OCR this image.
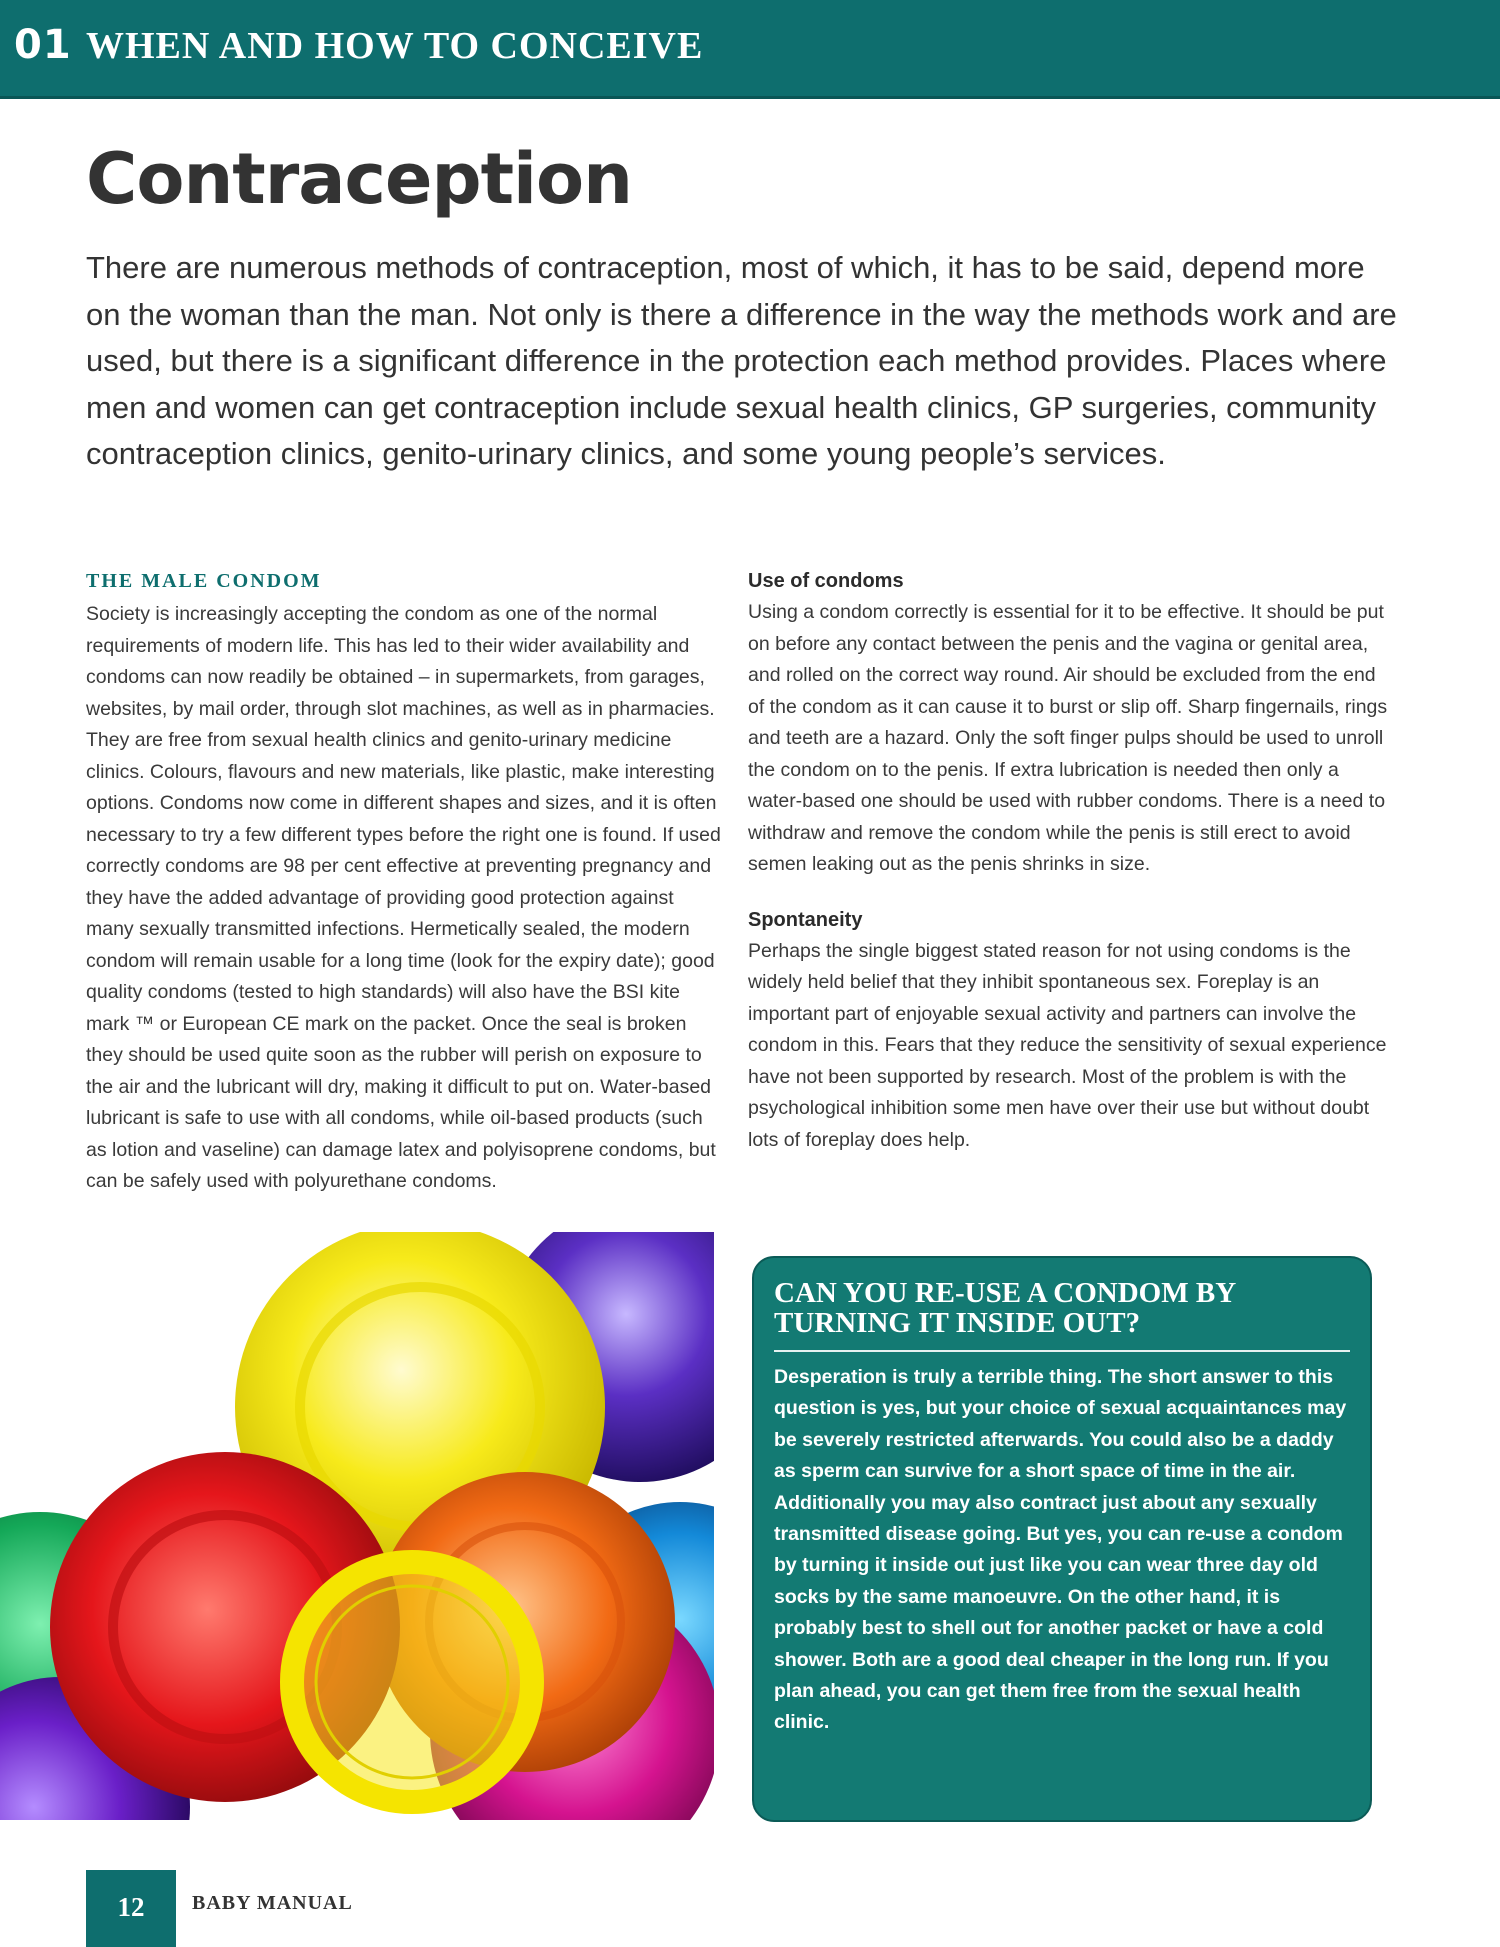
01 WHEN AND HOW TO CONCEIVE
Contraception

There are numerous methods of contraception, most of which, it has to be said, depend more on the woman than the man. Not only is there a difference in the way the methods work and are used, but there is a significant difference in the protection each method provides. Places where men and women can get contraception include sexual health clinics, GP surgeries, community contraception clinics, genito-urinary clinics, and some young people’s services.

THE MALE CONDOM

Society is increasingly accepting the condom as one of the normal requirements of modern life. This has led to their wider availability and condoms can now readily be obtained – in supermarkets, from garages, websites, by mail order, through slot machines, as well as in pharmacies. They are free from sexual health clinics and genito-urinary medicine clinics. Colours, flavours and new materials, like plastic, make interesting options. Condoms now come in different shapes and sizes, and it is often necessary to try a few different types before the right one is found. If used correctly condoms are 98 per cent effective at preventing pregnancy and they have the added advantage of providing good protection against many sexually transmitted infections. Hermetically sealed, the modern condom will remain usable for a long time (look for the expiry date); good quality condoms (tested to high standards) will also have the BSI kite mark ™ or European CE mark on the packet. Once the seal is broken they should be used quite soon as the rubber will perish on exposure to the air and the lubricant will dry, making it difficult to put on. Water-based lubricant is safe to use with all condoms, while oil-based products (such as lotion and vaseline) can damage latex and polyisoprene condoms, but can be safely used with polyurethane condoms.

Use of condoms

Using a condom correctly is essential for it to be effective. It should be put on before any contact between the penis and the vagina or genital area, and rolled on the correct way round. Air should be excluded from the end of the condom as it can cause it to burst or slip off. Sharp fingernails, rings and teeth are a hazard. Only the soft finger pulps should be used to unroll the condom on to the penis. If extra lubrication is needed then only a water-based one should be used with rubber condoms. There is a need to withdraw and remove the condom while the penis is still erect to avoid semen leaking out as the penis shrinks in size.

Spontaneity

Perhaps the single biggest stated reason for not using condoms is the widely held belief that they inhibit spontaneous sex. Foreplay is an important part of enjoyable sexual activity and partners can involve the condom in this. Fears that they reduce the sensitivity of sexual experience have not been supported by research. Most of the problem is with the psychological inhibition some men have over their use but without doubt lots of foreplay does help.

CAN YOU RE-USE A CONDOM BY TURNING IT INSIDE OUT?

Desperation is truly a terrible thing. The short answer to this question is yes, but your choice of sexual acquaintances may be severely restricted afterwards. You could also be a daddy as sperm can survive for a short space of time in the air. Additionally you may also contract just about any sexually transmitted disease going. But yes, you can re-use a condom by turning it inside out just like you can wear three day old socks by the same manoeuvre. On the other hand, it is probably best to shell out for another packet or have a cold shower. Both are a good deal cheaper in the long run. If you plan ahead, you can get them free from the sexual health clinic.

12	BABY MANUAL
